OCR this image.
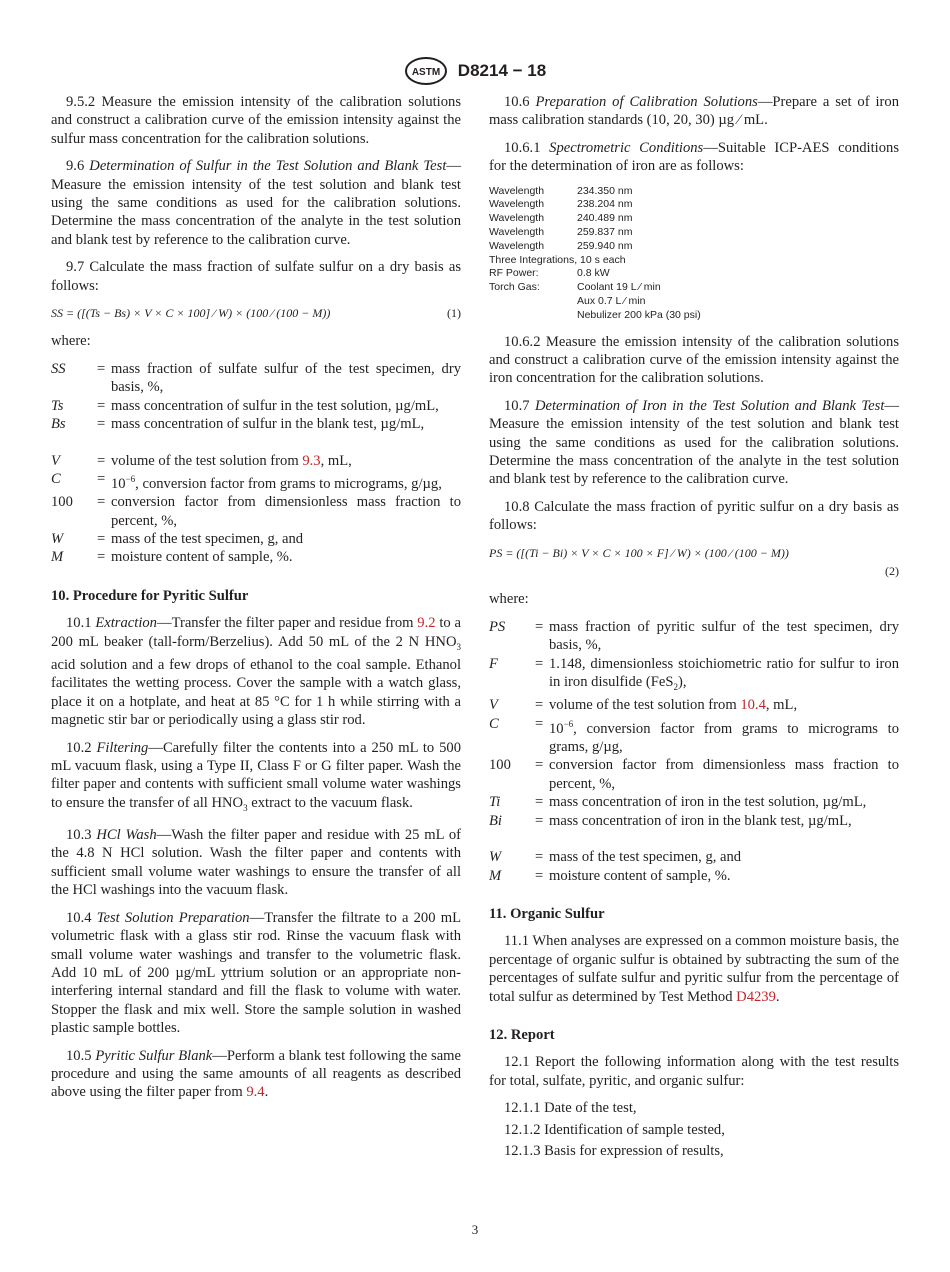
ASTM D8214 − 18

9.5.2 Measure the emission intensity of the calibration solutions and construct a calibration curve of the emission intensity against the sulfur mass concentration for the calibration solutions.

9.6 Determination of Sulfur in the Test Solution and Blank Test—Measure the emission intensity of the test solution and blank test using the same conditions as used for the calibration solutions. Determine the mass concentration of the analyte in the test solution and blank test by reference to the calibration curve.

9.7 Calculate the mass fraction of sulfate sulfur on a dry basis as follows:

SS = ([(Ts − Bs) × V × C × 100] ⁄ W) × (100 ⁄ (100 − M))	(1)

where:

SS	= mass fraction of sulfate sulfur of the test specimen, dry basis, %,
Ts	= mass concentration of sulfur in the test solution, µg/mL,
Bs	= mass concentration of sulfur in the blank test, µg/mL,
V	= volume of the test solution from 9.3, mL,
C	= $10^{-6}$, conversion factor from grams to micrograms, g/µg,
100	= conversion factor from dimensionless mass fraction to percent, %,
W	= mass of the test specimen, g, and
M	= moisture content of sample, %.
10. Procedure for Pyritic Sulfur

10.1 Extraction—Transfer the filter paper and residue from 9.2 to a 200 mL beaker (tall-form/Berzelius). Add 50 mL of the 2 N $HNO_3$ acid solution and a few drops of ethanol to the coal sample. Ethanol facilitates the wetting process. Cover the sample with a watch glass, place it on a hotplate, and heat at 85 °C for 1 h while stirring with a magnetic stir bar or periodically using a glass stir rod.

10.2 Filtering—Carefully filter the contents into a 250 mL to 500 mL vacuum flask, using a Type II, Class F or G filter paper. Wash the filter paper and contents with sufficient small volume water washings to ensure the transfer of all $HNO_3$ extract to the vacuum flask.

10.3 HCl Wash—Wash the filter paper and residue with 25 mL of the 4.8 N HCl solution. Wash the filter paper and contents with sufficient small volume water washings to ensure the transfer of all the HCl washings into the vacuum flask.

10.4 Test Solution Preparation—Transfer the filtrate to a 200 mL volumetric flask with a glass stir rod. Rinse the vacuum flask with small volume water washings and transfer to the volumetric flask. Add 10 mL of 200 µg/mL yttrium solution or an appropriate non-interfering internal standard and fill the flask to volume with water. Stopper the flask and mix well. Store the sample solution in washed plastic sample bottles.

10.5 Pyritic Sulfur Blank—Perform a blank test following the same procedure and using the same amounts of all reagents as described above using the filter paper from 9.4.

10.6 Preparation of Calibration Solutions—Prepare a set of iron mass calibration standards (10, 20, 30) µg ⁄ mL.

10.6.1 Spectrometric Conditions—Suitable ICP-AES conditions for the determination of iron are as follows:

Wavelength	234.350 nm
Wavelength	238.204 nm
Wavelength	240.489 nm
Wavelength	259.837 nm
Wavelength	259.940 nm
Three Integrations, 10 s each
RF Power:	0.8 kW
Torch Gas:	Coolant 19 L ⁄ min
Aux 0.7 L ⁄ min
Nebulizer 200 kPa (30 psi)

10.6.2 Measure the emission intensity of the calibration solutions and construct a calibration curve of the emission intensity against the iron concentration for the calibration solutions.

10.7 Determination of Iron in the Test Solution and Blank Test—Measure the emission intensity of the test solution and blank test using the same conditions as used for the calibration solutions. Determine the mass concentration of the analyte in the test solution and blank test by reference to the calibration curve.

10.8 Calculate the mass fraction of pyritic sulfur on a dry basis as follows:

PS = ([(Ti − Bi) × V × C × 100 × F] ⁄ W) × (100 ⁄ (100 − M))
(2)

where:

PS	= mass fraction of pyritic sulfur of the test specimen, dry basis, %,
F	= 1.148, dimensionless stoichiometric ratio for sulfur to iron in iron disulfide (FeS$_2$),
V	= volume of the test solution from 10.4, mL,
C	= $10^{-6}$, conversion factor from grams to micrograms to grams, g/µg,
100	= conversion factor from dimensionless mass fraction to percent, %,
Ti	= mass concentration of iron in the test solution, µg/mL,
Bi	= mass concentration of iron in the blank test, µg/mL,
W	= mass of the test specimen, g, and
M	= moisture content of sample, %.
11. Organic Sulfur

11.1 When analyses are expressed on a common moisture basis, the percentage of organic sulfur is obtained by subtracting the sum of the percentages of sulfate sulfur and pyritic sulfur from the percentage of total sulfur as determined by Test Method D4239.

12. Report

12.1 Report the following information along with the test results for total, sulfate, pyritic, and organic sulfur:

12.1.1 Date of the test,

12.1.2 Identification of sample tested,

12.1.3 Basis for expression of results,

3
